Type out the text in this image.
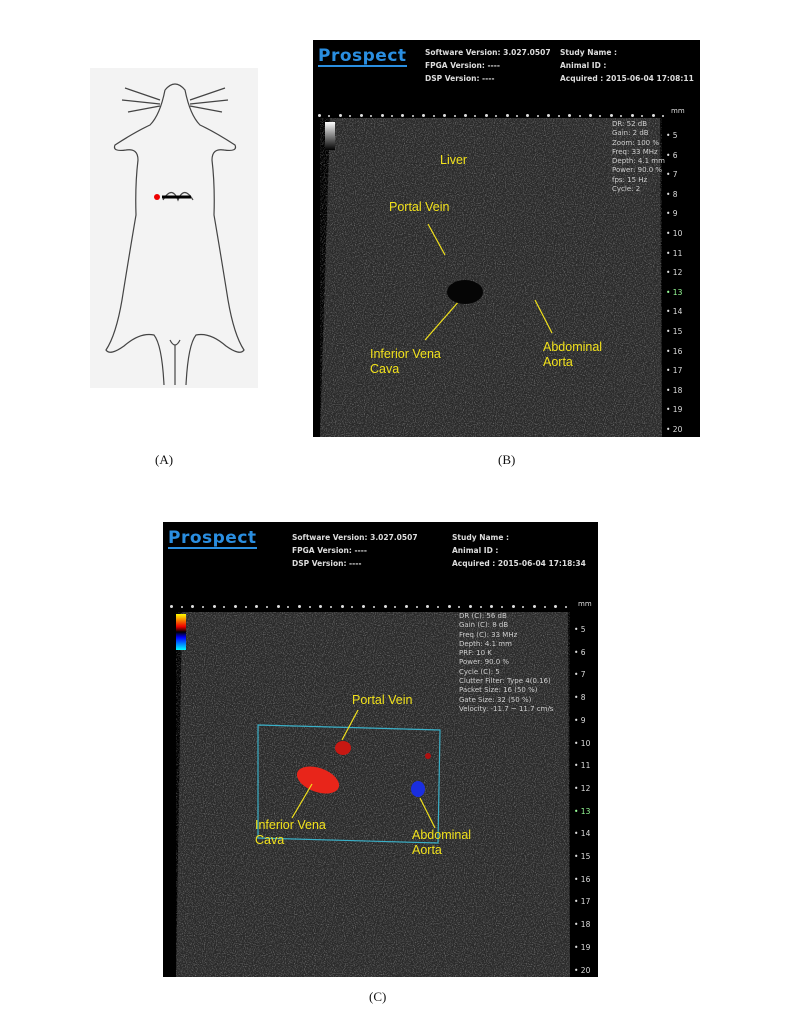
(A)	(B)
(C)
Prospect Software Version: 3.027.0507
FPGA Version: ----
DSP Version: ----
Study Name :
Animal ID :
Acquired : 2015-06-04 17:08:11
mm
DR: 52 dB
Gain: 2 dB
Zoom: 100 %
Freq: 33 MHz
Depth: 4.1 mm
Power: 90.0 %
fps: 15 Hz
Cycle: 2
• 5
• 6
• 7
• 8
• 9
• 10
• 11
• 12
• 13
• 14
• 15
• 16
• 17
• 18
• 19
• 20
Liver
Portal Vein
Inferior Vena
Cava
Abdominal
Aorta
Prospect	Software Version: 3.027.0507
FPGA Version: ----
DSP Version: ----
Study Name :
Animal ID :
Acquired : 2015-06-04 17:18:34
mm
DR (C): 56 dB
Gain (C): 8 dB
Freq (C): 33 MHz
Depth: 4.1 mm
PRF: 10 K
Power: 90.0 %
Cycle (C): 5
Clutter Filter: Type 4(0.16)
Packet Size: 16 (50 %)
Gate Size: 32 (50 %)
Velocity: -11.7 ~ 11.7 cm/s
• 5
• 6
• 7
• 8
• 9
• 10
• 11
• 12
• 13
• 14
• 15
• 16
• 17
• 18
• 19
• 20
Portal Vein
Inferior Vena
Cava	Abdominal
Aorta
